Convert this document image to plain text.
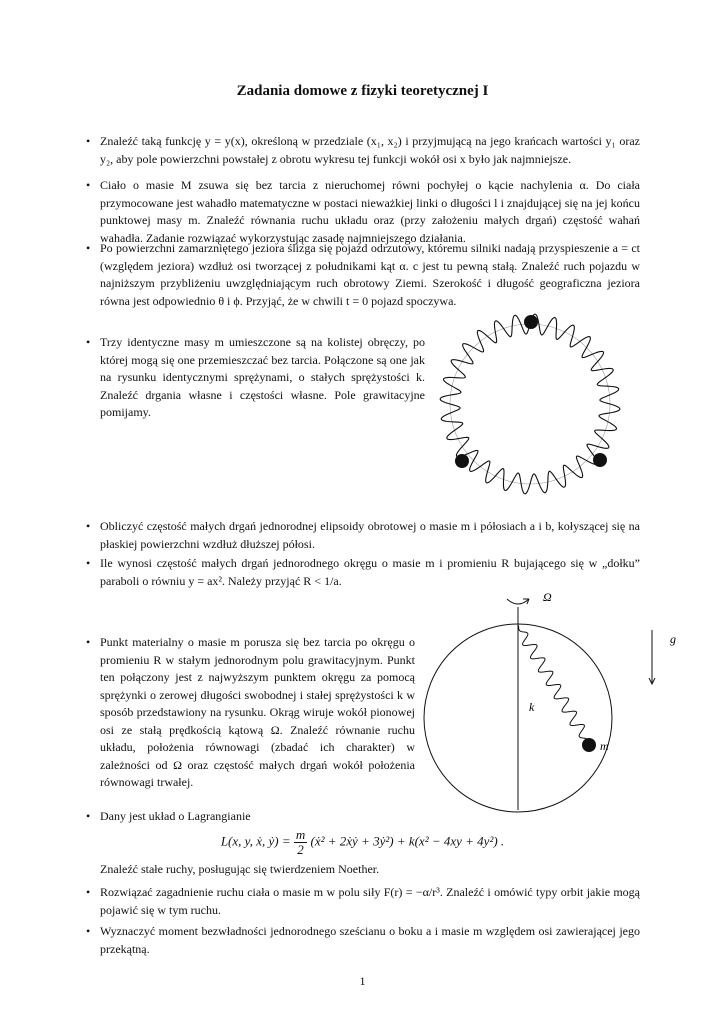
Zadania domowe z fizyki teoretycznej I
• Znaleźć taką funkcję y = y(x), określoną w przedziale (x₁, x₂) i przyjmującą na jego krańcach wartości y₁ oraz y₂, aby pole powierzchni powstałej z obrotu wykresu tej funkcji wokół osi x było jak najmniejsze.

• Ciało o masie M zsuwa się bez tarcia z nieruchomej równi pochyłej o kącie nachylenia α. Do ciała przymocowane jest wahadło matematyczne w postaci nieważkiej linki o długości l i znajdującej się na jej końcu punktowej masy m. Znaleźć równania ruchu układu oraz (przy założeniu małych drgań) częstość wahań wahadła. Zadanie rozwiązać wykorzystując zasadę najmniejszego działania.

• Po powierzchni zamarzniętego jeziora ślizga się pojazd odrzutowy, któremu silniki nadają przyspieszenie a = ct (względem jeziora) wzdłuż osi tworzącej z południkami kąt α. c jest tu pewną stałą. Znaleźć ruch pojazdu w najniższym przybliżeniu uwzględniającym ruch obrotowy Ziemi. Szerokość i długość geograficzna jeziora równa jest odpowiednio θ i ϕ. Przyjąć, że w chwili t = 0 pojazd spoczywa.

• Trzy identyczne masy m umieszczone są na kolistej obręczy, po której mogą się one przemieszczać bez tarcia. Połączone są one jak na rysunku identycznymi sprężynami, o stałych sprężystości k. Znaleźć drgania własne i częstości własne. Pole grawitacyjne pomijamy.

• Obliczyć częstość małych drgań jednorodnej elipsoidy obrotowej o masie m i półosiach a i b, kołyszącej się na płaskiej powierzchni wzdłuż dłuższej półosi.

• Ile wynosi częstość małych drgań jednorodnego okręgu o masie m i promieniu R bujającego się w „dołku” paraboli o równiu y = ax². Należy przyjąć R < 1/a.

• Punkt materialny o masie m porusza się bez tarcia po okręgu o promieniu R w stałym jednorodnym polu grawitacyjnym. Punkt ten połączony jest z najwyższym punktem okręgu za pomocą sprężynki o zerowej długości swobodnej i stałej sprężystości k w sposób przedstawiony na rysunku. Okrąg wiruje wokół pionowej osi ze stałą prędkością kątową Ω. Znaleźć równanie ruchu układu, położenia równowagi (zbadać ich charakter) w zależności od Ω oraz częstość małych drgań wokół położenia równowagi trwałej.

Ω
k
m
g⃗
• Dany jest układ o Lagrangianie

L(x, y, ẋ, ẏ) = $\frac{m}{2}$ (ẋ² + 2ẋẏ + 3ẏ²) + k(x² − 4xy + 4y²) .

Znaleźć stałe ruchy, posługując się twierdzeniem Noether.

• Rozwiązać zagadnienie ruchu ciała o masie m w polu siły F(r) = −α/r³. Znaleźć i omówić typy orbit jakie mogą pojawić się w tym ruchu.

• Wyznaczyć moment bezwładności jednorodnego sześcianu o boku a i masie m względem osi zawierającej jego przekątną.

1
